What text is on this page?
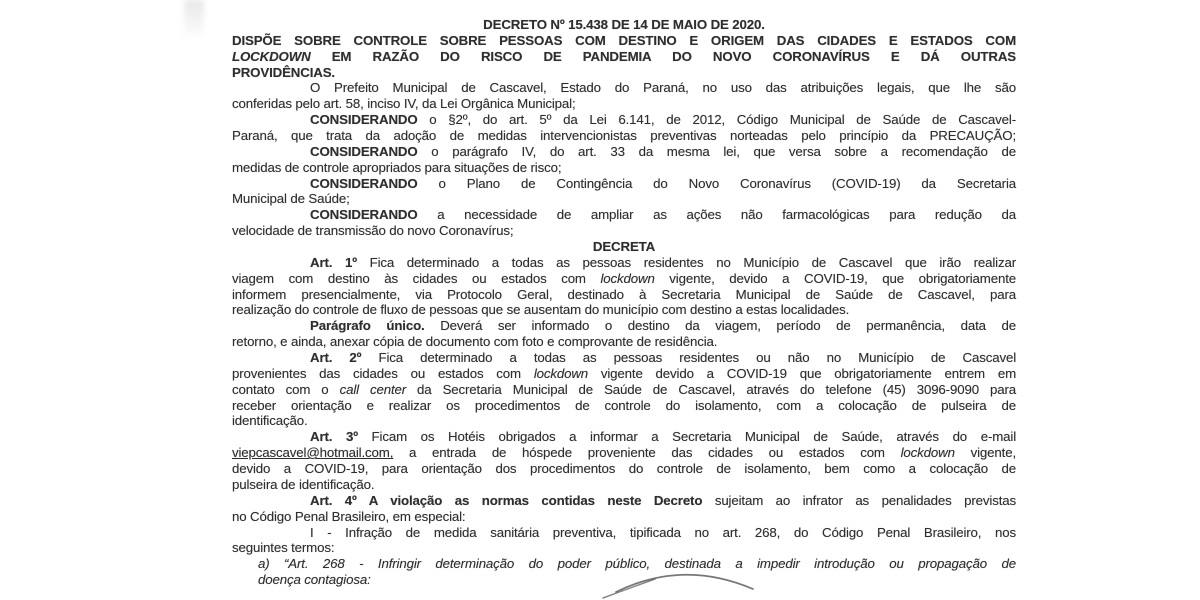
DECRETO Nº 15.438 DE 14 DE MAIO DE 2020.
DISPÕE SOBRE CONTROLE SOBRE PESSOAS COM DESTINO E ORIGEM DAS CIDADES E ESTADOS COM
LOCKDOWN EM RAZÃO DO RISCO DE PANDEMIA DO NOVO CORONAVÍRUS E DÁ OUTRAS
PROVIDÊNCIAS.
O Prefeito Municipal de Cascavel, Estado do Paraná, no uso das atribuições legais, que lhe são
conferidas pelo art. 58, inciso IV, da Lei Orgânica Municipal;
CONSIDERANDO o §2º, do art. 5º da Lei 6.141, de 2012, Código Municipal de Saúde de Cascavel-
Paraná, que trata da adoção de medidas intervencionistas preventivas norteadas pelo princípio da PRECAUÇÃO;
CONSIDERANDO o parágrafo IV, do art. 33 da mesma lei, que versa sobre a recomendação de
medidas de controle apropriados para situações de risco;
CONSIDERANDO o Plano de Contingência do Novo Coronavírus (COVID-19) da Secretaria
Municipal de Saúde;
CONSIDERANDO a necessidade de ampliar as ações não farmacológicas para redução da
velocidade de transmissão do novo Coronavírus;
DECRETA
Art. 1º Fica determinado a todas as pessoas residentes no Município de Cascavel que irão realizar
viagem com destino às cidades ou estados com lockdown vigente, devido a COVID-19, que obrigatoriamente
informem presencialmente, via Protocolo Geral, destinado à Secretaria Municipal de Saúde de Cascavel, para
realização do controle de fluxo de pessoas que se ausentam do município com destino a estas localidades.
Parágrafo único. Deverá ser informado o destino da viagem, período de permanência, data de
retorno, e ainda, anexar cópia de documento com foto e comprovante de residência.
Art. 2º Fica determinado a todas as pessoas residentes ou não no Município de Cascavel
provenientes das cidades ou estados com lockdown vigente devido a COVID-19 que obrigatoriamente entrem em
contato com o call center da Secretaria Municipal de Saúde de Cascavel, através do telefone (45) 3096-9090 para
receber orientação e realizar os procedimentos de controle do isolamento, com a colocação de pulseira de
identificação.
Art. 3º Ficam os Hotéis obrigados a informar a Secretaria Municipal de Saúde, através do e-mail
viepcascavel@hotmail.com, a entrada de hóspede proveniente das cidades ou estados com lockdown vigente,
devido a COVID-19, para orientação dos procedimentos do controle de isolamento, bem como a colocação de
pulseira de identificação.
Art. 4º A violação as normas contidas neste Decreto sujeitam ao infrator as penalidades previstas
no Código Penal Brasileiro, em especial:
I - Infração de medida sanitária preventiva, tipificada no art. 268, do Código Penal Brasileiro, nos
seguintes termos:
a) “Art. 268 - Infringir determinação do poder público, destinada a impedir introdução ou propagação de
doença contagiosa:
